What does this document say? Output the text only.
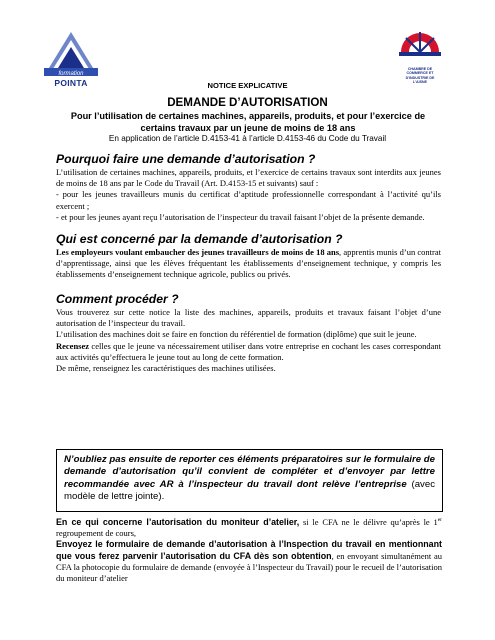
formation
POINTA
CHAMBRE DE
COMMERCE ET
D'INDUSTRIE DE
L'AISNE
NOTICE EXPLICATIVE
DEMANDE D’AUTORISATION
Pour l’utilisation de certaines machines, appareils, produits, et pour l’exercice de certains travaux par un jeune de moins de 18 ans
En application de l’article D.4153-41 à l’article D.4153-46 du Code du Travail
Pourquoi faire une demande d’autorisation ?

L’utilisation de certaines machines, appareils, produits, et l’exercice de certains travaux sont interdits aux jeunes de moins de 18 ans par le Code du Travail (Art. D.4153-15 et suivants) sauf :

- pour les jeunes travailleurs munis du certificat d’aptitude professionnelle correspondant à l’activité qu’ils exercent ;

- et pour les jeunes ayant reçu l’autorisation de l’inspecteur du travail faisant l’objet de la présente demande.

Qui est concerné par la demande d’autorisation ?

Les employeurs voulant embaucher des jeunes travailleurs de moins de 18 ans, apprentis munis d’un contrat d’apprentissage, ainsi que les élèves fréquentant les établissements d’enseignement technique, y compris les établissements d’enseignement technique agricole, publics ou privés.

Comment procéder ?

Vous trouverez sur cette notice la liste des machines, appareils, produits et travaux faisant l’objet d’une autorisation de l’inspecteur du travail.

L’utilisation des machines doit se faire en fonction du référentiel de formation (diplôme) que suit le jeune.

Recensez celles que le jeune va nécessairement utiliser dans votre entreprise en cochant les cases correspondant aux activités qu’effectuera le jeune tout au long de cette formation.

De même, renseignez les caractéristiques des machines utilisées.

N’oubliez pas ensuite de reporter ces éléments préparatoires sur le formulaire de demande d’autorisation qu’il convient de compléter et d’envoyer par lettre recommandée avec AR à l’inspecteur du travail dont relève l’entreprise (avec modèle de lettre jointe).

En ce qui concerne l’autorisation du moniteur d’atelier, si le CFA ne le délivre qu’après le 1er regroupement de cours,

Envoyez le formulaire de demande d’autorisation à l’Inspection du travail en mentionnant que vous ferez parvenir l’autorisation du CFA dès son obtention, en envoyant simultanément au CFA la photocopie du formulaire de demande (envoyée à l’Inspecteur du Travail) pour le recueil de l’autorisation du moniteur d’atelier
